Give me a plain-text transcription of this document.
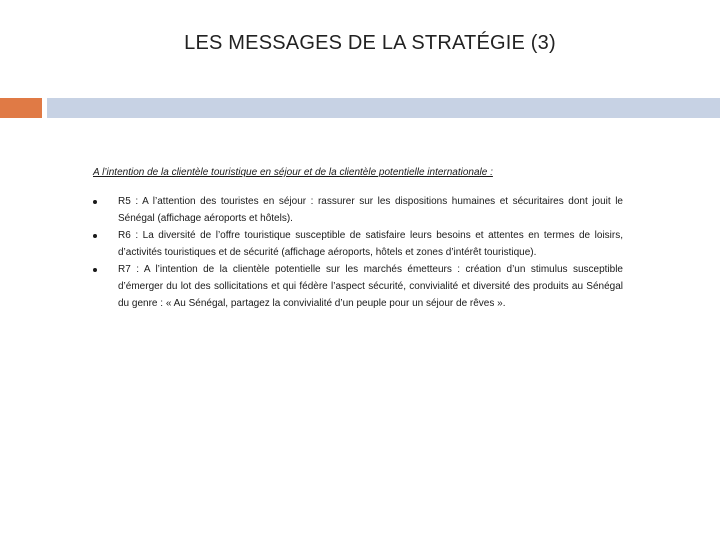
LES MESSAGES DE LA STRATÉGIE (3)

A l’intention de la clientèle touristique en séjour et de la clientèle potentielle internationale :

R5 : A l’attention des touristes en séjour : rassurer sur les dispositions humaines et sécuritaires dont jouit le Sénégal (affichage aéroports et hôtels).
R6 : La diversité de l’offre touristique susceptible de satisfaire leurs besoins et attentes en termes de loisirs, d’activités touristiques et de sécurité (affichage aéroports, hôtels et zones d’intérêt touristique).
R7 : A l’intention de la clientèle potentielle sur les marchés émetteurs : création d’un stimulus susceptible d’émerger du lot des sollicitations et qui fédère l’aspect sécurité, convivialité et diversité des produits au Sénégal du genre : « Au Sénégal, partagez la convivialité d’un peuple pour un séjour de rêves ».
